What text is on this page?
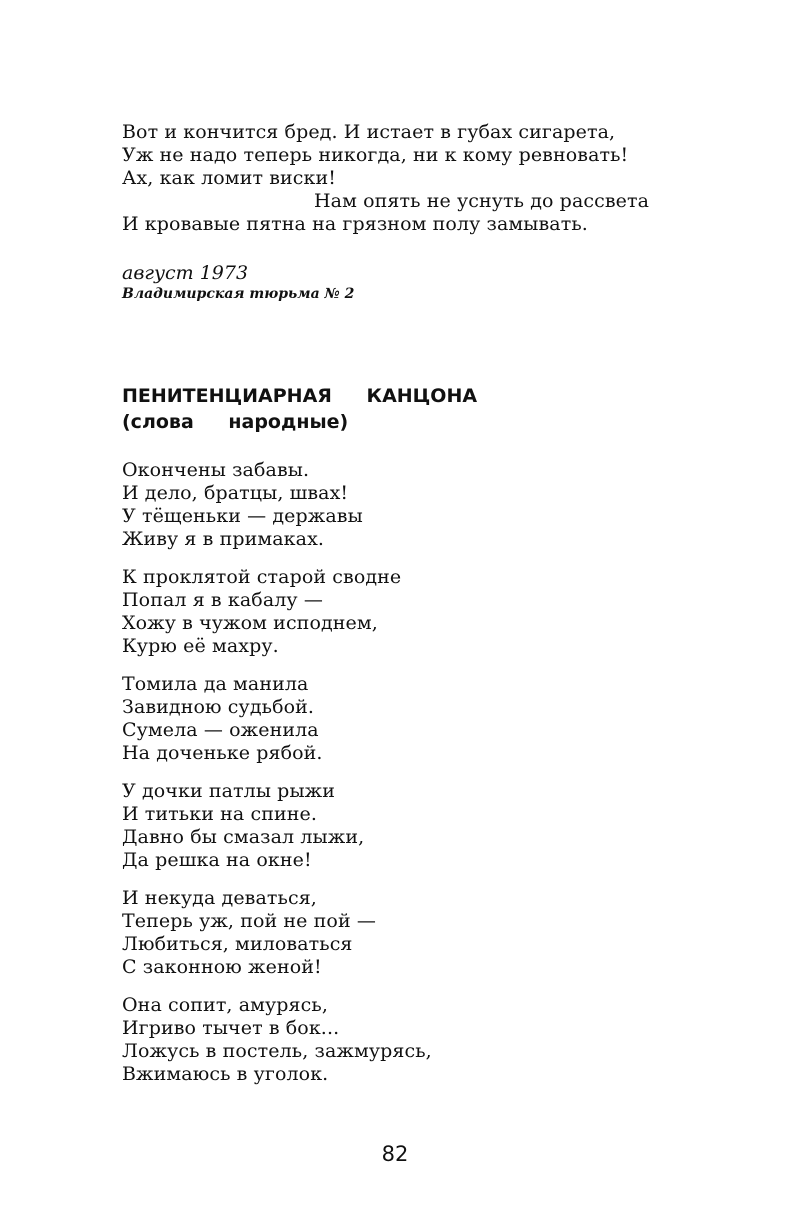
Вот и кончится бред. И истает в губах сигарета,
Уж не надо теперь никогда, ни к кому ревновать!
Ах, как ломит виски!
Нам опять не уснуть до рассвета
И кровавые пятна на грязном полу замывать.
август 1973
Владимирская тюрьма № 2
ПЕНИТЕНЦИАРНАЯ КАНЦОНА
(слова народные)
Окончены забавы.
И дело, братцы, швах!
У тёщеньки — державы
Живу я в примаках.
К проклятой старой сводне
Попал я в кабалу —
Хожу в чужом исподнем,
Курю её махру.
Томила да манила
Завидною судьбой.
Сумела — оженила
На доченьке рябой.
У дочки патлы рыжи
И титьки на спине.
Давно бы смазал лыжи,
Да решка на окне!
И некуда деваться,
Теперь уж, пой не пой —
Любиться, миловаться
С законною женой!
Она сопит, амурясь,
Игриво тычет в бок...
Ложусь в постель, зажмурясь,
Вжимаюсь в уголок.
82
